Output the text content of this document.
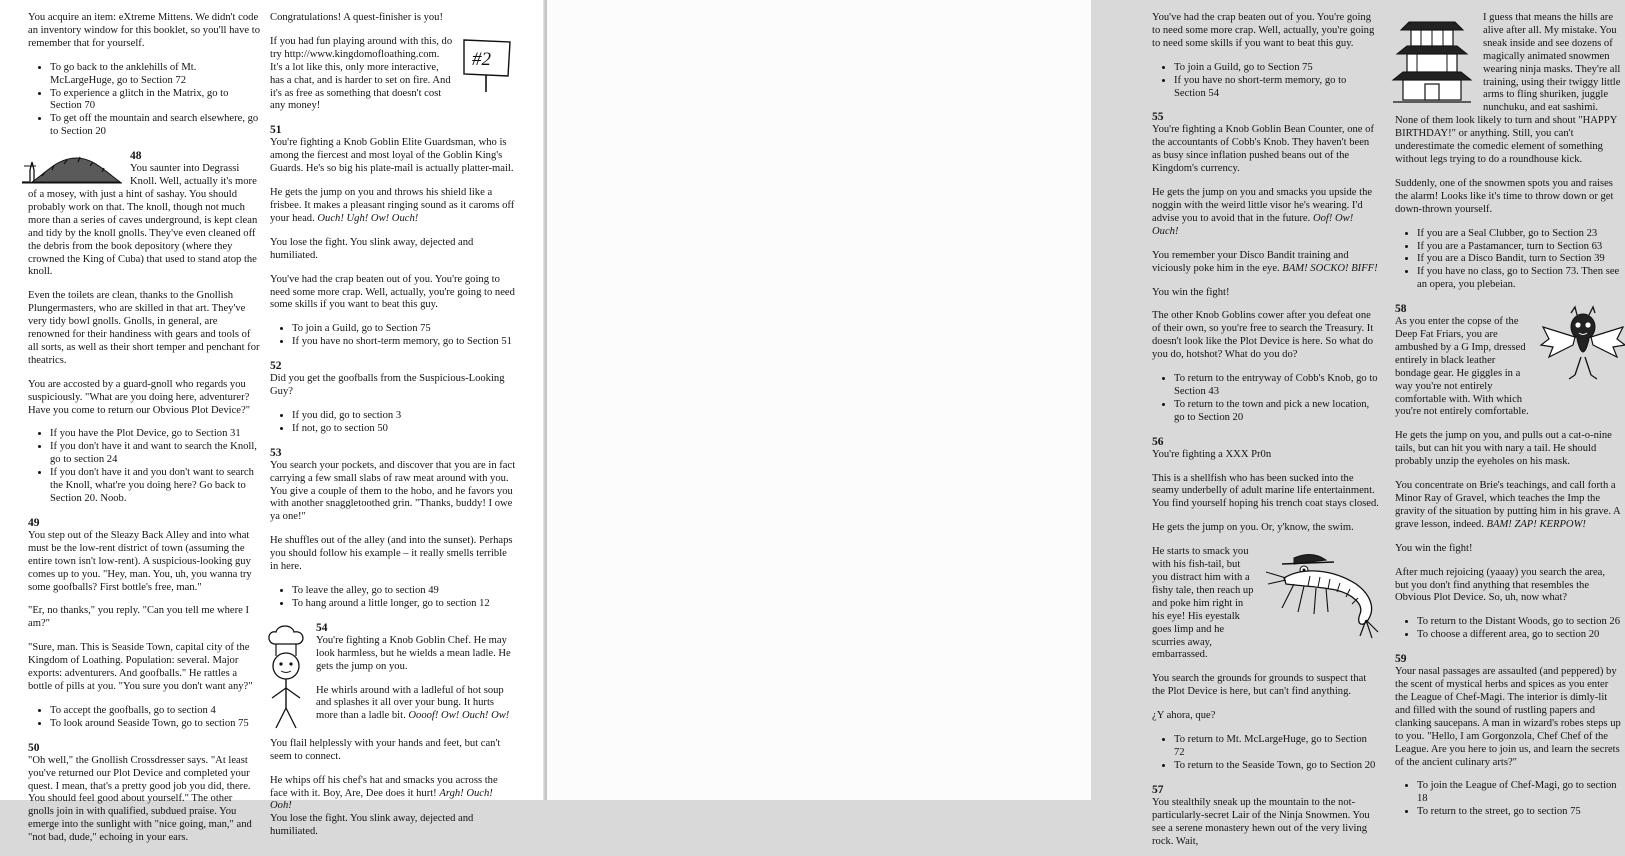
You acquire an item: eXtreme Mittens. We didn't code an inventory window for this booklet, so you'll have to remember that for yourself.

• To go back to the anklehills of Mt. McLargeHuge, go to Section 72
• To experience a glitch in the Matrix, go to Section 70
• To get off the mountain and search elsewhere, go to Section 20
48

You saunter into Degrassi Knoll. Well, actually it's more of a mosey, with just a hint of sashay. You should probably work on that. The knoll, though not much more than a series of caves underground, is kept clean and tidy by the knoll gnolls. They've even cleaned off the debris from the book depository (where they crowned the King of Cuba) that used to stand atop the knoll.

Even the toilets are clean, thanks to the Gnollish Plungermasters, who are skilled in that art. They've very tidy bowl gnolls. Gnolls, in general, are renowned for their handiness with gears and tools of all sorts, as well as their short temper and penchant for theatrics.

You are accosted by a guard-gnoll who regards you suspiciously. "What are you doing here, adventurer? Have you come to return our Obvious Plot Device?"

• If you have the Plot Device, go to Section 31
• If you don't have it and want to search the Knoll, go to section 24
• If you don't have it and you don't want to search the Knoll, what're you doing here? Go back to Section 20. Noob.
49

You step out of the Sleazy Back Alley and into what must be the low-rent district of town (assuming the entire town isn't low-rent). A suspicious-looking guy comes up to you. "Hey, man. You, uh, you wanna try some goofballs? First bottle's free, man."

"Er, no thanks," you reply. "Can you tell me where I am?"

"Sure, man. This is Seaside Town, capital city of the Kingdom of Loathing. Population: several. Major exports: adventurers. And goofballs." He rattles a bottle of pills at you. "You sure you don't want any?"

• To accept the goofballs, go to section 4
• To look around Seaside Town, go to section 75
50

"Oh well," the Gnollish Crossdresser says. "At least you've returned our Plot Device and completed your quest. I mean, that's a pretty good job you did, there. You should feel good about yourself." The other gnolls join in with qualified, subdued praise. You emerge into the sunlight with "nice going, man," and "not bad, dude," echoing in your ears.

Congratulations! A quest-finisher is you!

#2

If you had fun playing around with this, do try http://www.kingdomofloathing.com. It's a lot like this, only more interactive, has a chat, and is harder to set on fire. And it's as free as something that doesn't cost any money!

51

You're fighting a Knob Goblin Elite Guardsman, who is among the fiercest and most loyal of the Goblin King's Guards. He's so big his plate-mail is actually platter-mail.

He gets the jump on you and throws his shield like a frisbee. It makes a pleasant ringing sound as it caroms off your head. Ouch! Ugh! Ow! Ouch!

You lose the fight. You slink away, dejected and humiliated.

You've had the crap beaten out of you. You're going to need some more crap. Well, actually, you're going to need some skills if you want to beat this guy.

• To join a Guild, go to Section 75
• If you have no short-term memory, go to Section 51
52

Did you get the goofballs from the Suspicious-Looking Guy?

• If you did, go to section 3
• If not, go to section 50
53

You search your pockets, and discover that you are in fact carrying a few small slabs of raw meat around with you. You give a couple of them to the hobo, and he favors you with another snaggletoothed grin. "Thanks, buddy! I owe ya one!"

He shuffles out of the alley (and into the sunset). Perhaps you should follow his example – it really smells terrible in here.

• To leave the alley, go to section 49
• To hang around a little longer, go to section 12
54

You're fighting a Knob Goblin Chef. He may look harmless, but he wields a mean ladle. He gets the jump on you.

He whirls around with a ladleful of hot soup and splashes it all over your bung. It hurts more than a ladle bit. Oooof! Ow! Ouch! Ow!

You flail helplessly with your hands and feet, but can't seem to connect.

He whips off his chef's hat and smacks you across the face with it. Boy, Are, Dee does it hurt! Argh! Ouch! Ooh!
You lose the fight. You slink away, dejected and humiliated.

You've had the crap beaten out of you. You're going to need some more crap. Well, actually, you're going to need some skills if you want to beat this guy.

• To join a Guild, go to Section 75
• If you have no short-term memory, go to Section 54
55

You're fighting a Knob Goblin Bean Counter, one of the accountants of Cobb's Knob. They haven't been as busy since inflation pushed beans out of the Kingdom's currency.

He gets the jump on you and smacks you upside the noggin with the weird little visor he's wearing. I'd advise you to avoid that in the future. Oof! Ow! Ouch!

You remember your Disco Bandit training and viciously poke him in the eye. BAM! SOCKO! BIFF!

You win the fight!

The other Knob Goblins cower after you defeat one of their own, so you're free to search the Treasury. It doesn't look like the Plot Device is here. So what do you do, hotshot? What do you do?

• To return to the entryway of Cobb's Knob, go to Section 43
• To return to the town and pick a new location, go to Section 20
56

You're fighting a XXX Pr0n

This is a shellfish who has been sucked into the seamy underbelly of adult marine life entertainment. You find yourself hoping his trench coat stays closed.

He gets the jump on you. Or, y'know, the swim.

He starts to smack you with his fish-tail, but you distract him with a fishy tale, then reach up and poke him right in his eye! His eyestalk goes limp and he scurries away, embarrassed.

You search the grounds for grounds to suspect that the Plot Device is here, but can't find anything.

¿Y ahora, que?

• To return to Mt. McLargeHuge, go to Section 72
• To return to the Seaside Town, go to Section 20
57

You stealthily sneak up the mountain to the not-particularly-secret Lair of the Ninja Snowmen. You see a serene monastery hewn out of the very living rock. Wait,

I guess that means the hills are alive after all. My mistake. You sneak inside and see dozens of magically animated snowmen wearing ninja masks. They're all training, using their twiggy little arms to fling shuriken, juggle nunchuku, and eat sashimi. None of them look likely to turn and shout "HAPPY BIRTHDAY!" or anything. Still, you can't underestimate the comedic element of something without legs trying to do a roundhouse kick.

Suddenly, one of the snowmen spots you and raises the alarm! Looks like it's time to throw down or get down-thrown yourself.

• If you are a Seal Clubber, go to Section 23
• If you are a Pastamancer, turn to Section 63
• If you are a Disco Bandit, turn to Section 39
• If you have no class, go to Section 73. Then see an opera, you plebeian.
58

As you enter the copse of the Deep Fat Friars, you are ambushed by a G Imp, dressed entirely in black leather bondage gear. He giggles in a way you're not entirely comfortable with. With which you're not entirely comfortable.

He gets the jump on you, and pulls out a cat-o-nine tails, but can hit you with nary a tail. He should probably unzip the eyeholes on his mask.

You concentrate on Brie's teachings, and call forth a Minor Ray of Gravel, which teaches the Imp the gravity of the situation by putting him in his grave. A grave lesson, indeed. BAM! ZAP! KERPOW!

You win the fight!

After much rejoicing (yaaay) you search the area, but you don't find anything that resembles the Obvious Plot Device. So, uh, now what?

• To return to the Distant Woods, go to section 26
• To choose a different area, go to section 20
59

Your nasal passages are assaulted (and peppered) by the scent of mystical herbs and spices as you enter the League of Chef-Magi. The interior is dimly-lit and filled with the sound of rustling papers and clanking saucepans. A man in wizard's robes steps up to you. "Hello, I am Gorgonzola, Chef Chef of the League. Are you here to join us, and learn the secrets of the ancient culinary arts?"

• To join the League of Chef-Magi, go to section 18
• To return to the street, go to section 75
